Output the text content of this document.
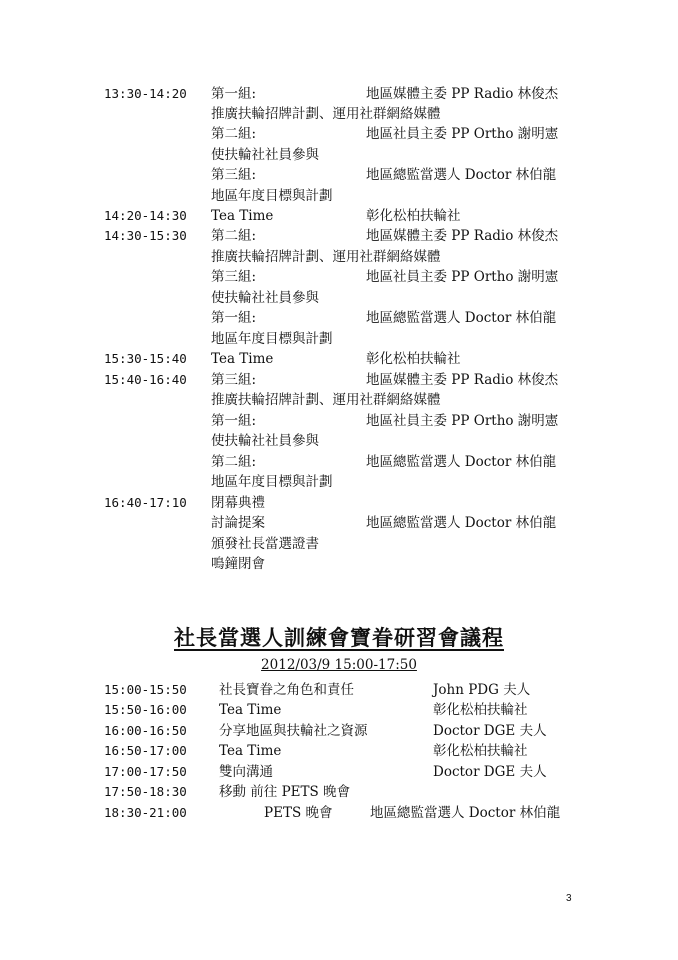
13:30-14:20 第一組:	地區媒體主委 PP Radio 林俊杰
推廣扶輪招牌計劃、運用社群網絡媒體
第二組:	地區社員主委 PP Ortho 謝明憲
使扶輪社社員參與
第三組:	地區總監當選人 Doctor 林伯龍
地區年度目標與計劃
14:20-14:30 Tea Time	彰化松柏扶輪社
14:30-15:30 第二組:	地區媒體主委 PP Radio 林俊杰
推廣扶輪招牌計劃、運用社群網絡媒體
第三組:	地區社員主委 PP Ortho 謝明憲
使扶輪社社員參與
第一組:	地區總監當選人 Doctor 林伯龍
地區年度目標與計劃
15:30-15:40 Tea Time	彰化松柏扶輪社
15:40-16:40 第三組:	地區媒體主委 PP Radio 林俊杰
推廣扶輪招牌計劃、運用社群網絡媒體
第一組:	地區社員主委 PP Ortho 謝明憲
使扶輪社社員參與
第二組:	地區總監當選人 Doctor 林伯龍
地區年度目標與計劃
16:40-17:10 閉幕典禮
討論提案	地區總監當選人 Doctor 林伯龍
頒發社長當選證書
鳴鐘閉會
社長當選人訓練會寶眷研習會議程
2012/03/9 15:00-17:50
15:00-15:50 社長寶眷之角色和責任	John PDG 夫人
15:50-16:00 Tea Time	彰化松柏扶輪社
16:00-16:50 分享地區與扶輪社之資源	Doctor DGE 夫人
16:50-17:00 Tea Time	彰化松柏扶輪社
17:00-17:50 雙向溝通	Doctor DGE 夫人
17:50-18:30 移動 前往 PETS 晚會
18:30-21:00	PETS 晚會	地區總監當選人 Doctor 林伯龍
3
